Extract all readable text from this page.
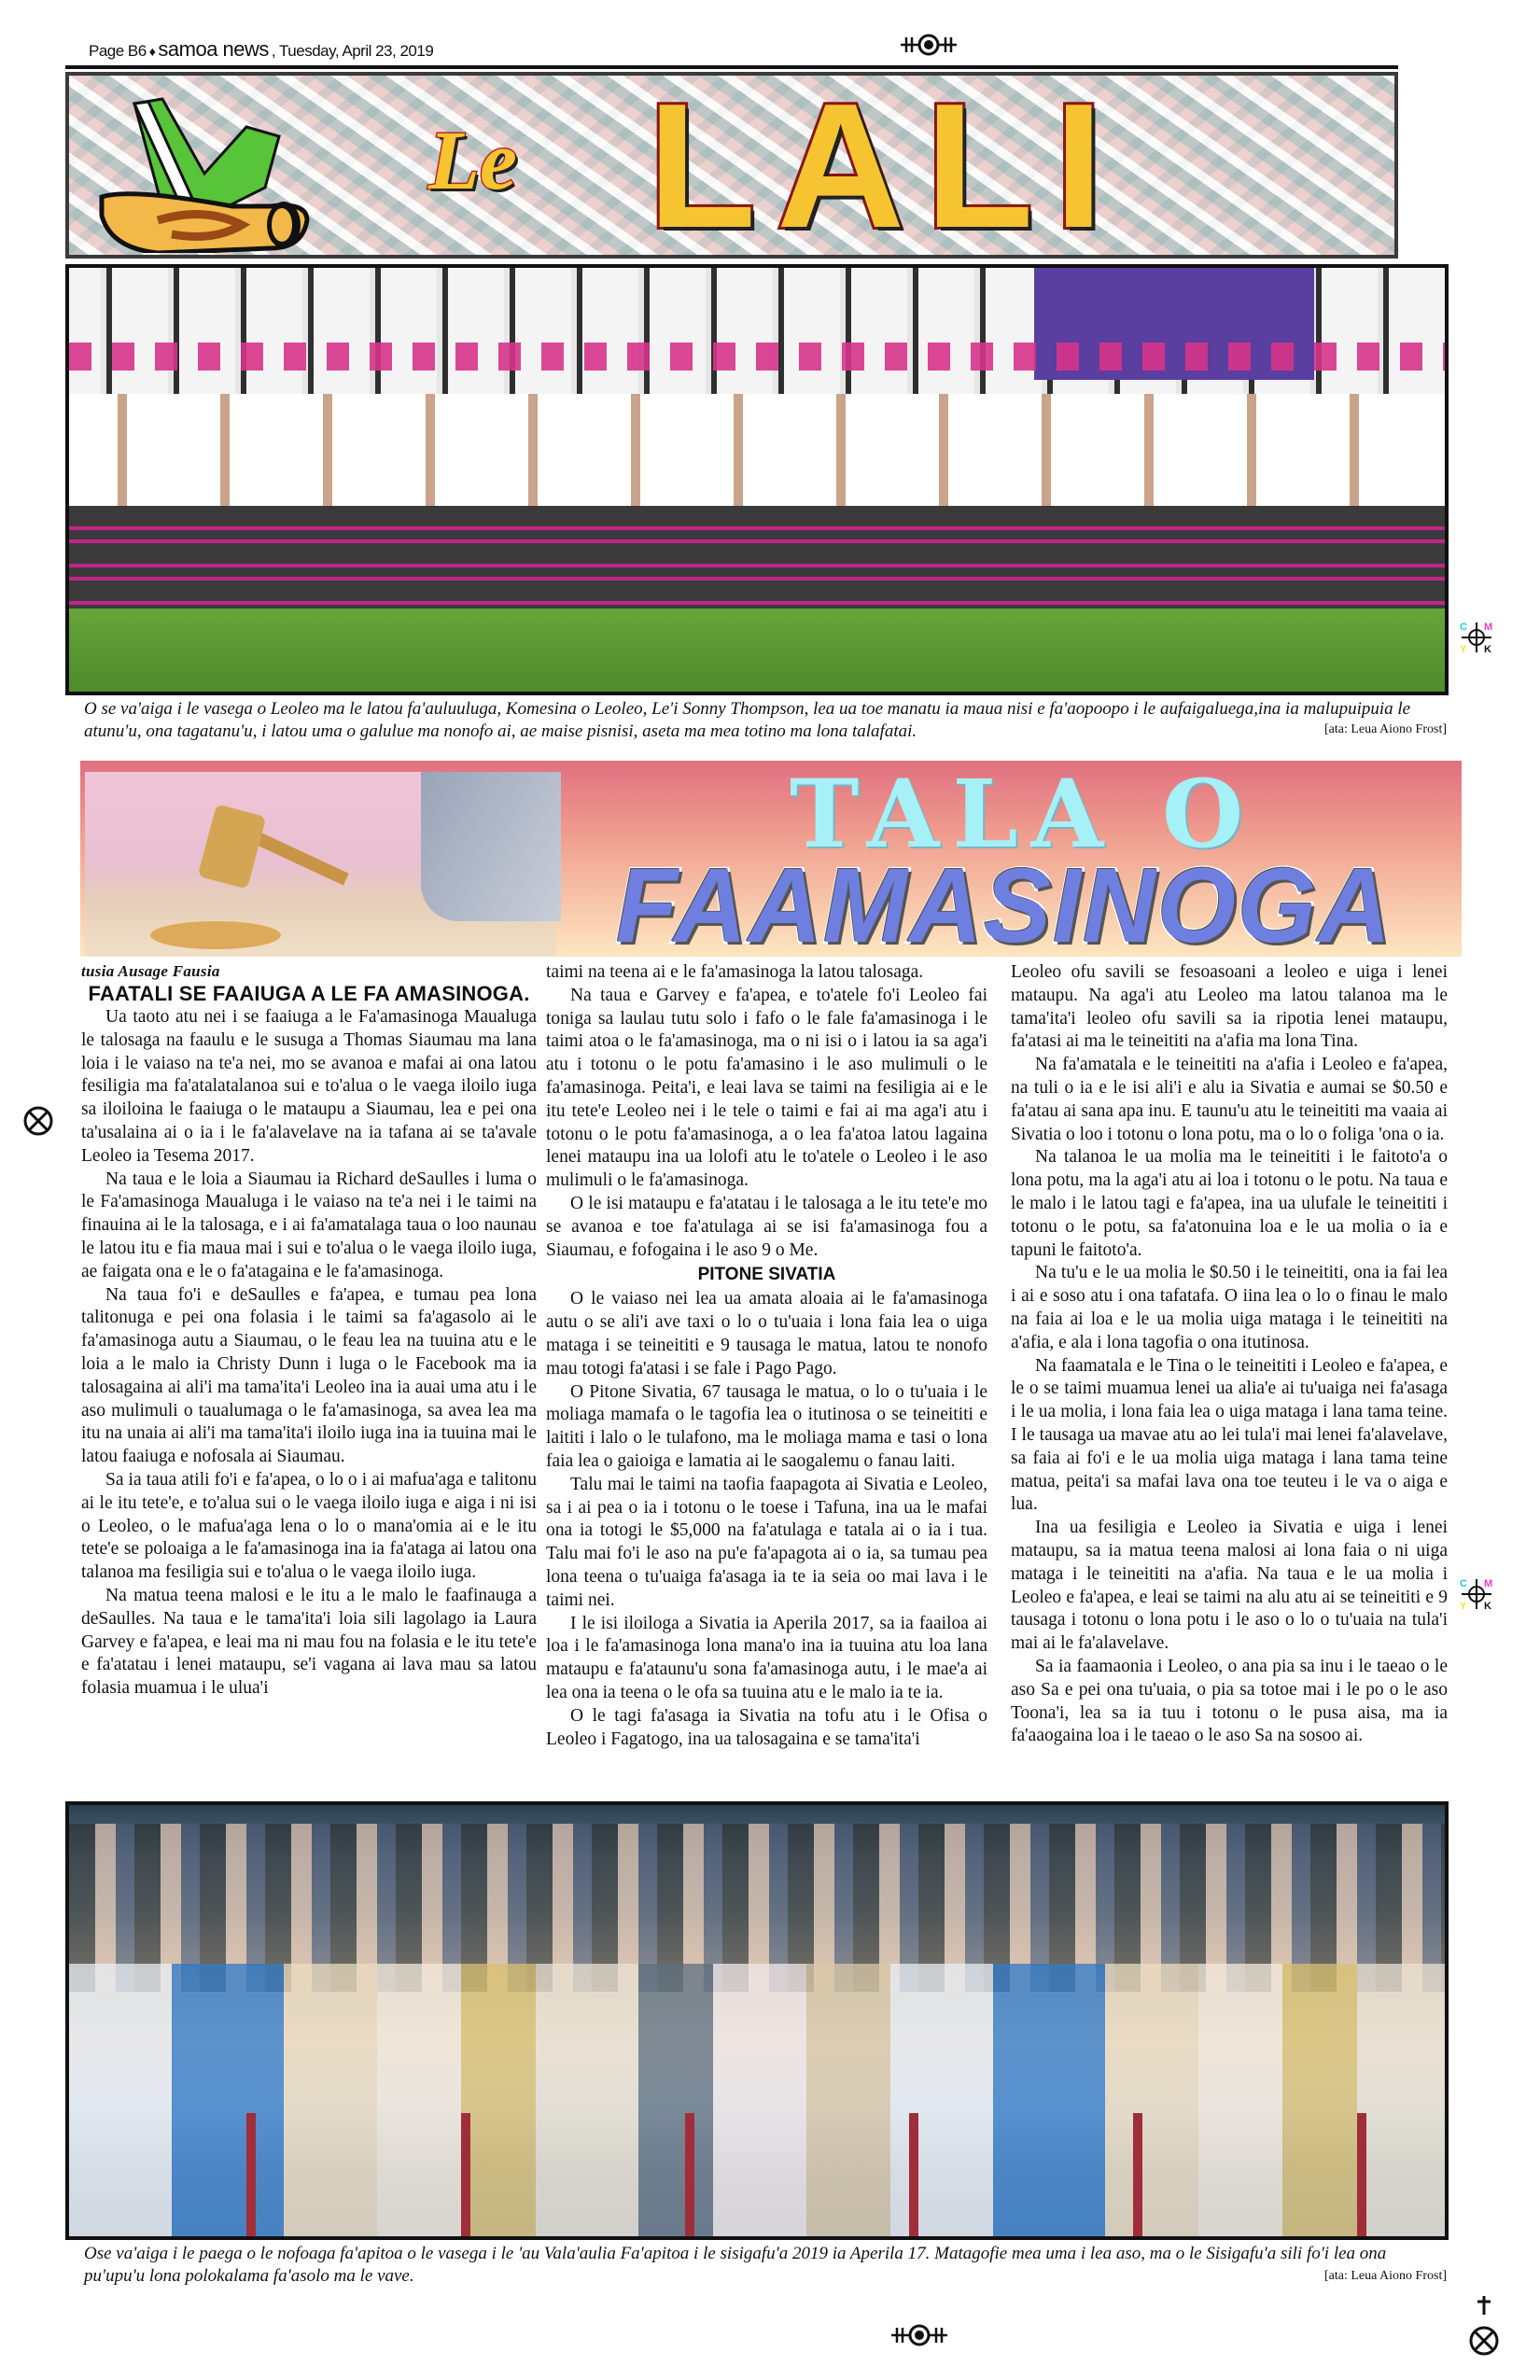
Page B6 ♦ samoa news , Tuesday, April 23, 2019
Le L A L I
C M
Y K
O se va'aiga i le vasega o Leoleo ma le latou fa'auluuluga, Komesina o Leoleo, Le'i Sonny Thompson, lea ua toe manatu ia maua nisi e fa'aopoopo i le aufaigaluega,ina ia malupuipuia le atunu'u, ona tagatanu'u, i latou uma o galulue ma nonofo ai, ae maise pisnisi, aseta ma mea totino ma lona talafatai.	[ata: Leua Aiono Frost]
TALA O
FAAMASINOGA
tusia Ausage Fausia
FAATALI SE FAAIUGA A LE FA AMASINOGA.

Ua taoto atu nei i se faaiuga a le Fa'amasinoga Maualuga le talosaga na faaulu e le susuga a Thomas Siaumau ma lana loia i le vaiaso na te'a nei, mo se avanoa e mafai ai ona latou fesiligia ma fa'atalatalanoa sui e to'alua o le vaega iloilo iuga sa iloiloina le faaiuga o le mataupu a Siaumau, lea e pei ona ta'usalaina ai o ia i le fa'alavelave na ia tafana ai se ta'avale Leoleo ia Tesema 2017.

Na taua e le loia a Siaumau ia Richard deSaulles i luma o le Fa'amasinoga Maualuga i le vaiaso na te'a nei i le taimi na finauina ai le la talosaga, e i ai fa'amatalaga taua o loo naunau le latou itu e fia maua mai i sui e to'alua o le vaega iloilo iuga, ae faigata ona e le o fa'atagaina e le fa'amasinoga.

Na taua fo'i e deSaulles e fa'apea, e tumau pea lona talitonuga e pei ona folasia i le taimi sa fa'agasolo ai le fa'amasinoga autu a Siaumau, o le feau lea na tuuina atu e le loia a le malo ia Christy Dunn i luga o le Facebook ma ia talosagaina ai ali'i ma tama'ita'i Leoleo ina ia auai uma atu i le aso mulimuli o taualumaga o le fa'amasinoga, sa avea lea ma itu na unaia ai ali'i ma tama'ita'i iloilo iuga ina ia tuuina mai le latou faaiuga e nofosala ai Siaumau.

Sa ia taua atili fo'i e fa'apea, o lo o i ai mafua'aga e talitonu ai le itu tete'e, e to'alua sui o le vaega iloilo iuga e aiga i ni isi o Leoleo, o le mafua'aga lena o lo o mana'omia ai e le itu tete'e se poloaiga a le fa'amasinoga ina ia fa'ataga ai latou ona talanoa ma fesiligia sui e to'alua o le vaega iloilo iuga.

Na matua teena malosi e le itu a le malo le faafinauga a deSaulles. Na taua e le tama'ita'i loia sili lagolago ia Laura Garvey e fa'apea, e leai ma ni mau fou na folasia e le itu tete'e e fa'atatau i lenei mataupu, se'i vagana ai lava mau sa latou folasia muamua i le ulua'i

taimi na teena ai e le fa'amasinoga la latou talosaga.

Na taua e Garvey e fa'apea, e to'atele fo'i Leoleo fai toniga sa laulau tutu solo i fafo o le fale fa'amasinoga i le taimi atoa o le fa'amasinoga, ma o ni isi o i latou ia sa aga'i atu i totonu o le potu fa'amasino i le aso mulimuli o le fa'amasinoga. Peita'i, e leai lava se taimi na fesiligia ai e le itu tete'e Leoleo nei i le tele o taimi e fai ai ma aga'i atu i totonu o le potu fa'amasinoga, a o lea fa'atoa latou lagaina lenei mataupu ina ua lolofi atu le to'atele o Leoleo i le aso mulimuli o le fa'amasinoga.

O le isi mataupu e fa'atatau i le talosaga a le itu tete'e mo se avanoa e toe fa'atulaga ai se isi fa'amasinoga fou a Siaumau, e fofogaina i le aso 9 o Me.

PITONE SIVATIA

O le vaiaso nei lea ua amata aloaia ai le fa'amasinoga autu o se ali'i ave taxi o lo o tu'uaia i lona faia lea o uiga mataga i se teineititi e 9 tausaga le matua, latou te nonofo mau totogi fa'atasi i se fale i Pago Pago.

O Pitone Sivatia, 67 tausaga le matua, o lo o tu'uaia i le moliaga mamafa o le tagofia lea o itutinosa o se teineititi e laititi i lalo o le tulafono, ma le moliaga mama e tasi o lona faia lea o gaioiga e lamatia ai le saogalemu o fanau laiti.

Talu mai le taimi na taofia faapagota ai Sivatia e Leoleo, sa i ai pea o ia i totonu o le toese i Tafuna, ina ua le mafai ona ia totogi le $5,000 na fa'atulaga e tatala ai o ia i tua. Talu mai fo'i le aso na pu'e fa'apagota ai o ia, sa tumau pea lona teena o tu'uaiga fa'asaga ia te ia seia oo mai lava i le taimi nei.

I le isi iloiloga a Sivatia ia Aperila 2017, sa ia faailoa ai loa i le fa'amasinoga lona mana'o ina ia tuuina atu loa lana mataupu e fa'ataunu'u sona fa'amasinoga autu, i le mae'a ai lea ona ia teena o le ofa sa tuuina atu e le malo ia te ia.

O le tagi fa'asaga ia Sivatia na tofu atu i le Ofisa o Leoleo i Fagatogo, ina ua talosagaina e se tama'ita'i

Leoleo ofu savili se fesoasoani a leoleo e uiga i lenei mataupu. Na aga'i atu Leoleo ma latou talanoa ma le tama'ita'i leoleo ofu savili sa ia ripotia lenei mataupu, fa'atasi ai ma le teineititi na a'afia ma lona Tina.

Na fa'amatala e le teineititi na a'afia i Leoleo e fa'apea, na tuli o ia e le isi ali'i e alu ia Sivatia e aumai se $0.50 e fa'atau ai sana apa inu. E taunu'u atu le teineititi ma vaaia ai Sivatia o loo i totonu o lona potu, ma o lo o foliga 'ona o ia.

Na talanoa le ua molia ma le teineititi i le faitoto'a o lona potu, ma la aga'i atu ai loa i totonu o le potu. Na taua e le malo i le latou tagi e fa'apea, ina ua ulufale le teineititi i totonu o le potu, sa fa'atonuina loa e le ua molia o ia e tapuni le faitoto'a.

Na tu'u e le ua molia le $0.50 i le teineititi, ona ia fai lea i ai e soso atu i ona tafatafa. O iina lea o lo o finau le malo na faia ai loa e le ua molia uiga mataga i le teineititi na a'afia, e ala i lona tagofia o ona itutinosa.

Na faamatala e le Tina o le teineititi i Leoleo e fa'apea, e le o se taimi muamua lenei ua alia'e ai tu'uaiga nei fa'asaga i le ua molia, i lona faia lea o uiga mataga i lana tama teine. I le tausaga ua mavae atu ao lei tula'i mai lenei fa'alavelave, sa faia ai fo'i e le ua molia uiga mataga i lana tama teine matua, peita'i sa mafai lava ona toe teuteu i le va o aiga e lua.

Ina ua fesiligia e Leoleo ia Sivatia e uiga i lenei mataupu, sa ia matua teena malosi ai lona faia o ni uiga mataga i le teineititi na a'afia. Na taua e le ua molia i Leoleo e fa'apea, e leai se taimi na alu atu ai se teineititi e 9 tausaga i totonu o lona potu i le aso o lo o tu'uaia na tula'i mai ai le fa'alavelave.

Sa ia faamaonia i Leoleo, o ana pia sa inu i le taeao o le aso Sa e pei ona tu'uaia, o pia sa totoe mai i le po o le aso Toona'i, lea sa ia tuu i totonu o le pusa aisa, ma ia fa'aaogaina loa i le taeao o le aso Sa na sosoo ai.

C M
Y K
Ose va'aiga i le paega o le nofoaga fa'apitoa o le vasega i le 'au Vala'aulia Fa'apitoa i le sisigafu'a 2019 ia Aperila 17. Matagofie mea uma i lea aso, ma o le Sisigafu'a sili fo'i lea ona pu'upu'u lona polokalama fa'asolo ma le vave.	[ata: Leua Aiono Frost]
